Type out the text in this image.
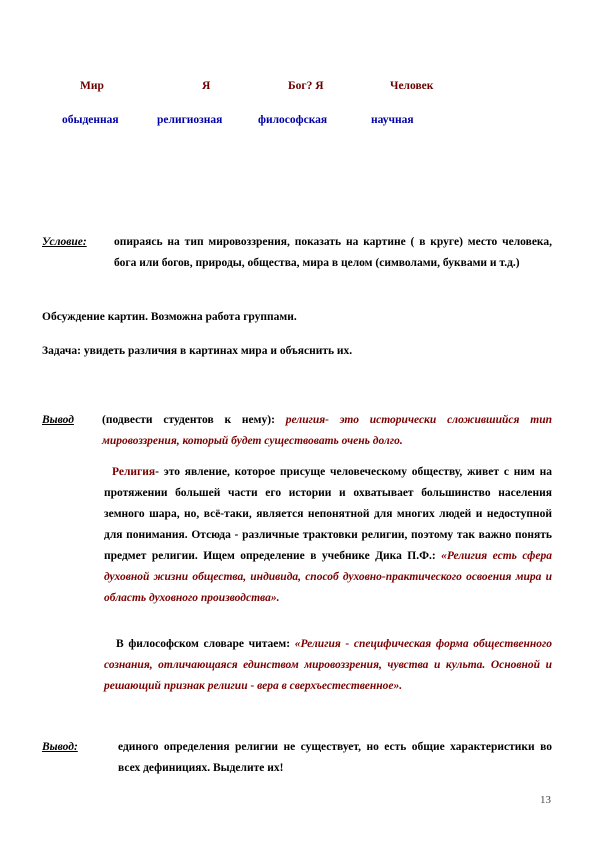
Мир	Я	Бог? Я	Человек
обыденная	религиозная	философская	научная
Условие:	опираясь на тип мировоззрения, показать на картине ( в круге) место человека, бога или богов, природы, общества, мира в целом (символами, буквами и т.д.)
Обсуждение картин. Возможна работа группами.
Задача: увидеть различия в картинах мира и объяснить их.
Вывод	(подвести студентов к нему): религия- это исторически сложившийся тип мировоззрения, который будет существовать очень долго.
Религия- это явление, которое присуще человеческому обществу, живет с ним на протяжении большей части его истории и охватывает большинство населения земного шара, но, всё-таки, является непонятной для многих людей и недоступной для понимания. Отсюда - различные трактовки религии, поэтому так важно понять предмет религии. Ищем определение в учебнике Дика П.Ф.: «Религия есть сфера духовной жизни общества, индивида, способ духовно-практического освоения мира и область духовного производства».
В философском словаре читаем: «Религия - специфическая форма общественного сознания, отличающаяся единством мировоззрения, чувства и культа. Основной и решающий признак религии - вера в сверхъестественное».
Вывод:	единого определения религии не существует, но есть общие характеристики во всех дефинициях. Выделите их!
13
